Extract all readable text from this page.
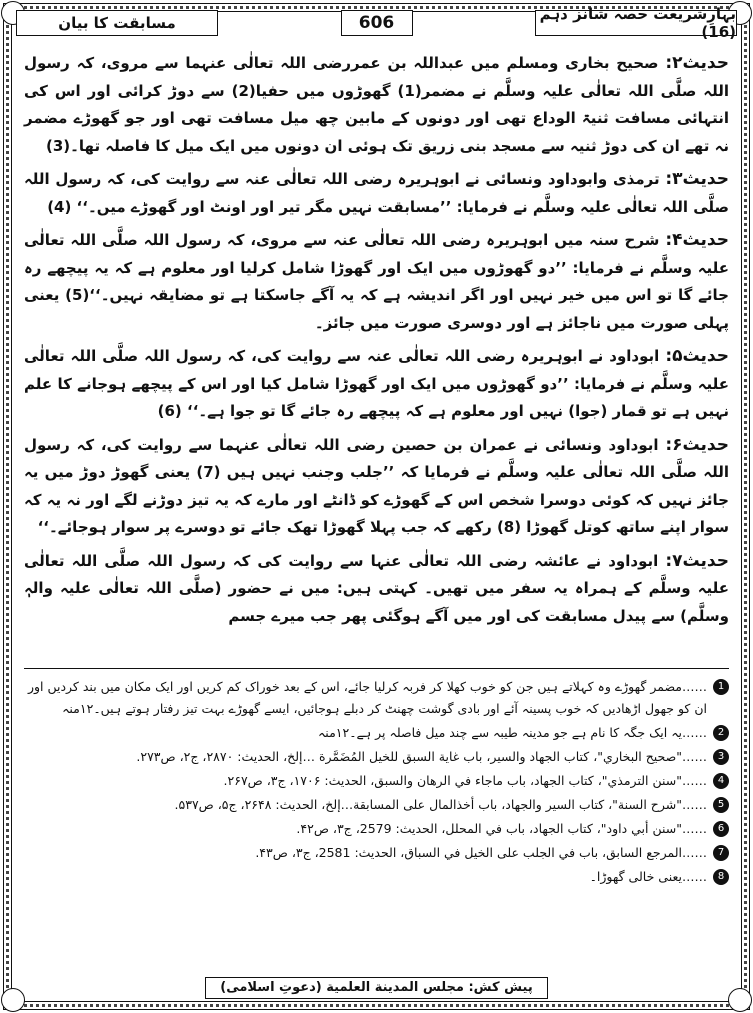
مسابقت کا بیان	606	بہارِشریعت حصہ شانز دہم (16)

حدیث۲: صحیح بخاری ومسلم میں عبداللہ بن عمررضی اللہ تعالٰی عنہما سے مروی، کہ رسول اللہ صلَّی اللہ تعالٰی علیہ وسلَّم نے مضمر(1) گھوڑوں میں حفیا(2) سے دوڑ کرائی اور اس کی انتہائی مسافت ثنیۃ الوداع تھی اور دونوں کے مابین چھ میل مسافت تھی اور جو گھوڑے مضمر نہ تھے ان کی دوڑ ثنیہ سے مسجد بنی زریق تک ہوئی ان دونوں میں ایک میل کا فاصلہ تھا۔(3)

حدیث۳: ترمذی وابوداود ونسائی نے ابوہریرہ رضی اللہ تعالٰی عنہ سے روایت کی، کہ رسول اللہ صلَّی اللہ تعالٰی علیہ وسلَّم نے فرمایا: ’’مسابقت نہیں مگر تیر اور اونٹ اور گھوڑے میں۔‘‘ (4)

حدیث۴: شرح سنہ میں ابوہریرہ رضی اللہ تعالٰی عنہ سے مروی، کہ رسول اللہ صلَّی اللہ تعالٰی علیہ وسلَّم نے فرمایا: ’’دو گھوڑوں میں ایک اور گھوڑا شامل کرلیا اور معلوم ہے کہ یہ پیچھے رہ جائے گا تو اس میں خیر نہیں اور اگر اندیشہ ہے کہ یہ آگے جاسکتا ہے تو مضایقہ نہیں۔‘‘(5) یعنی پہلی صورت میں ناجائز ہے اور دوسری صورت میں جائز۔

حدیث۵: ابوداود نے ابوہریرہ رضی اللہ تعالٰی عنہ سے روایت کی، کہ رسول اللہ صلَّی اللہ تعالٰی علیہ وسلَّم نے فرمایا: ’’دو گھوڑوں میں ایک اور گھوڑا شامل کیا اور اس کے پیچھے ہوجانے کا علم نہیں ہے تو قمار (جوا) نہیں اور معلوم ہے کہ پیچھے رہ جائے گا تو جوا ہے۔‘‘ (6)

حدیث۶: ابوداود ونسائی نے عمران بن حصین رضی اللہ تعالٰی عنہما سے روایت کی، کہ رسول اللہ صلَّی اللہ تعالٰی علیہ وسلَّم نے فرمایا کہ ’’جلب وجنب نہیں ہیں (7) یعنی گھوڑ دوڑ میں یہ جائز نہیں کہ کوئی دوسرا شخص اس کے گھوڑے کو ڈانٹے اور مارے کہ یہ تیز دوڑنے لگے اور نہ یہ کہ سوار اپنے ساتھ کوتل گھوڑا (8) رکھے کہ جب پہلا گھوڑا تھک جائے تو دوسرے پر سوار ہوجائے۔‘‘

حدیث۷: ابوداود نے عائشہ رضی اللہ تعالٰی عنہا سے روایت کی کہ رسول اللہ صلَّی اللہ تعالٰی علیہ وسلَّم کے ہمراہ یہ سفر میں تھیں۔ کہتی ہیں: میں نے حضور (صلَّی اللہ تعالٰی علیہ والہٖ وسلَّم) سے پیدل مسابقت کی اور میں آگے ہوگئی پھر جب میرے جسم

1
……مضمر گھوڑے وہ کہلاتے ہیں جن کو خوب کھلا کر فربہ کرلیا جائے، اس کے بعد خوراک کم کریں اور ایک مکان میں بند کردیں اور ان کو جھول اڑھادیں کہ خوب پسینہ آئے اور بادی گوشت چھنٹ کر دبلے ہوجائیں، ایسے گھوڑے بہت تیز رفتار ہوتے ہیں۔۱۲منہ
2
……یہ ایک جگہ کا نام ہے جو مدینہ طیبہ سے چند میل فاصلہ پر ہے۔۱۲منہ
3
……"صحیح البخاري"، کتاب الجهاد والسير، باب غاية السبق للخيل المُضَمَّرة …إلخ، الحديث: ۲۸۷۰، ج۲، ص۲۷۳.
4
……"سنن الترمذي"، کتاب الجهاد، باب ماجاء في الرهان والسبق، الحديث: ۱۷۰۶، ج۳، ص۲۶۷.
5
……"شرح السنة"، کتاب السير والجهاد، باب أخذالمال على المسابقة…إلخ، الحديث: ۲۶۴۸، ج۵، ص۵۳۷.
6
……"سنن أبي داود"، کتاب الجهاد، باب في المحلل، الحديث: 2579، ج۳، ص۴۲.
7
……المرجع السابق، باب في الجلب على الخيل في السباق، الحديث: 2581، ج۳، ص۴۳.
8
……یعنی خالی گھوڑا۔
پیش کش: مجلس المدینة العلمیة (دعوتِ اسلامی)
